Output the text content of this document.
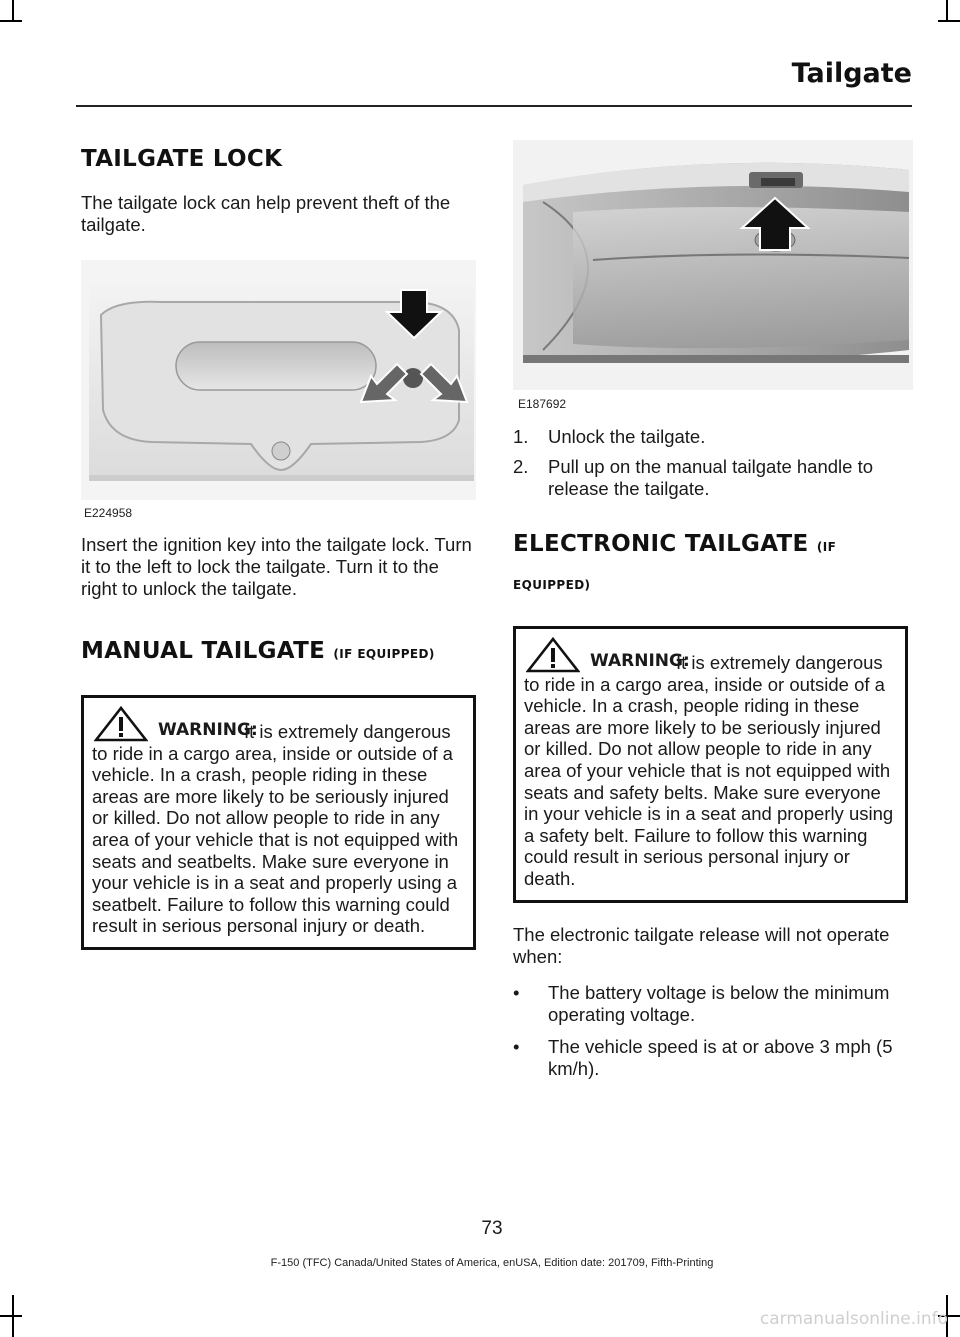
Tailgate
TAILGATE LOCK

The tailgate lock can help prevent theft of the tailgate.

E224958

Insert the ignition key into the tailgate lock. Turn it to the left to lock the tailgate. Turn it to the right to unlock the tailgate.

MANUAL TAILGATE (IF EQUIPPED)
WARNING:
It is extremely dangerous to ride in a cargo area, inside or outside of a vehicle. In a crash, people riding in these areas are more likely to be seriously injured or killed. Do not allow people to ride in any area of your vehicle that is not equipped with seats and seatbelts. Make sure everyone in your vehicle is in a seat and properly using a seatbelt. Failure to follow this warning could result in serious personal injury or death.
E187692
1.	Unlock the tailgate.
2.	Pull up on the manual tailgate handle to release the tailgate.
ELECTRONIC TAILGATE (IF EQUIPPED)
WARNING:
It is extremely dangerous to ride in a cargo area, inside or outside of a vehicle. In a crash, people riding in these areas are more likely to be seriously injured or killed. Do not allow people to ride in any area of your vehicle that is not equipped with seats and safety belts. Make sure everyone in your vehicle is in a seat and properly using a safety belt. Failure to follow this warning could result in serious personal injury or death.

The electronic tailgate release will not operate when:

•	The battery voltage is below the minimum operating voltage.
•	The vehicle speed is at or above 3 mph (5 km/h).
73
F-150 (TFC) Canada/United States of America, enUSA, Edition date: 201709, Fifth-Printing
carmanualsonline.info
